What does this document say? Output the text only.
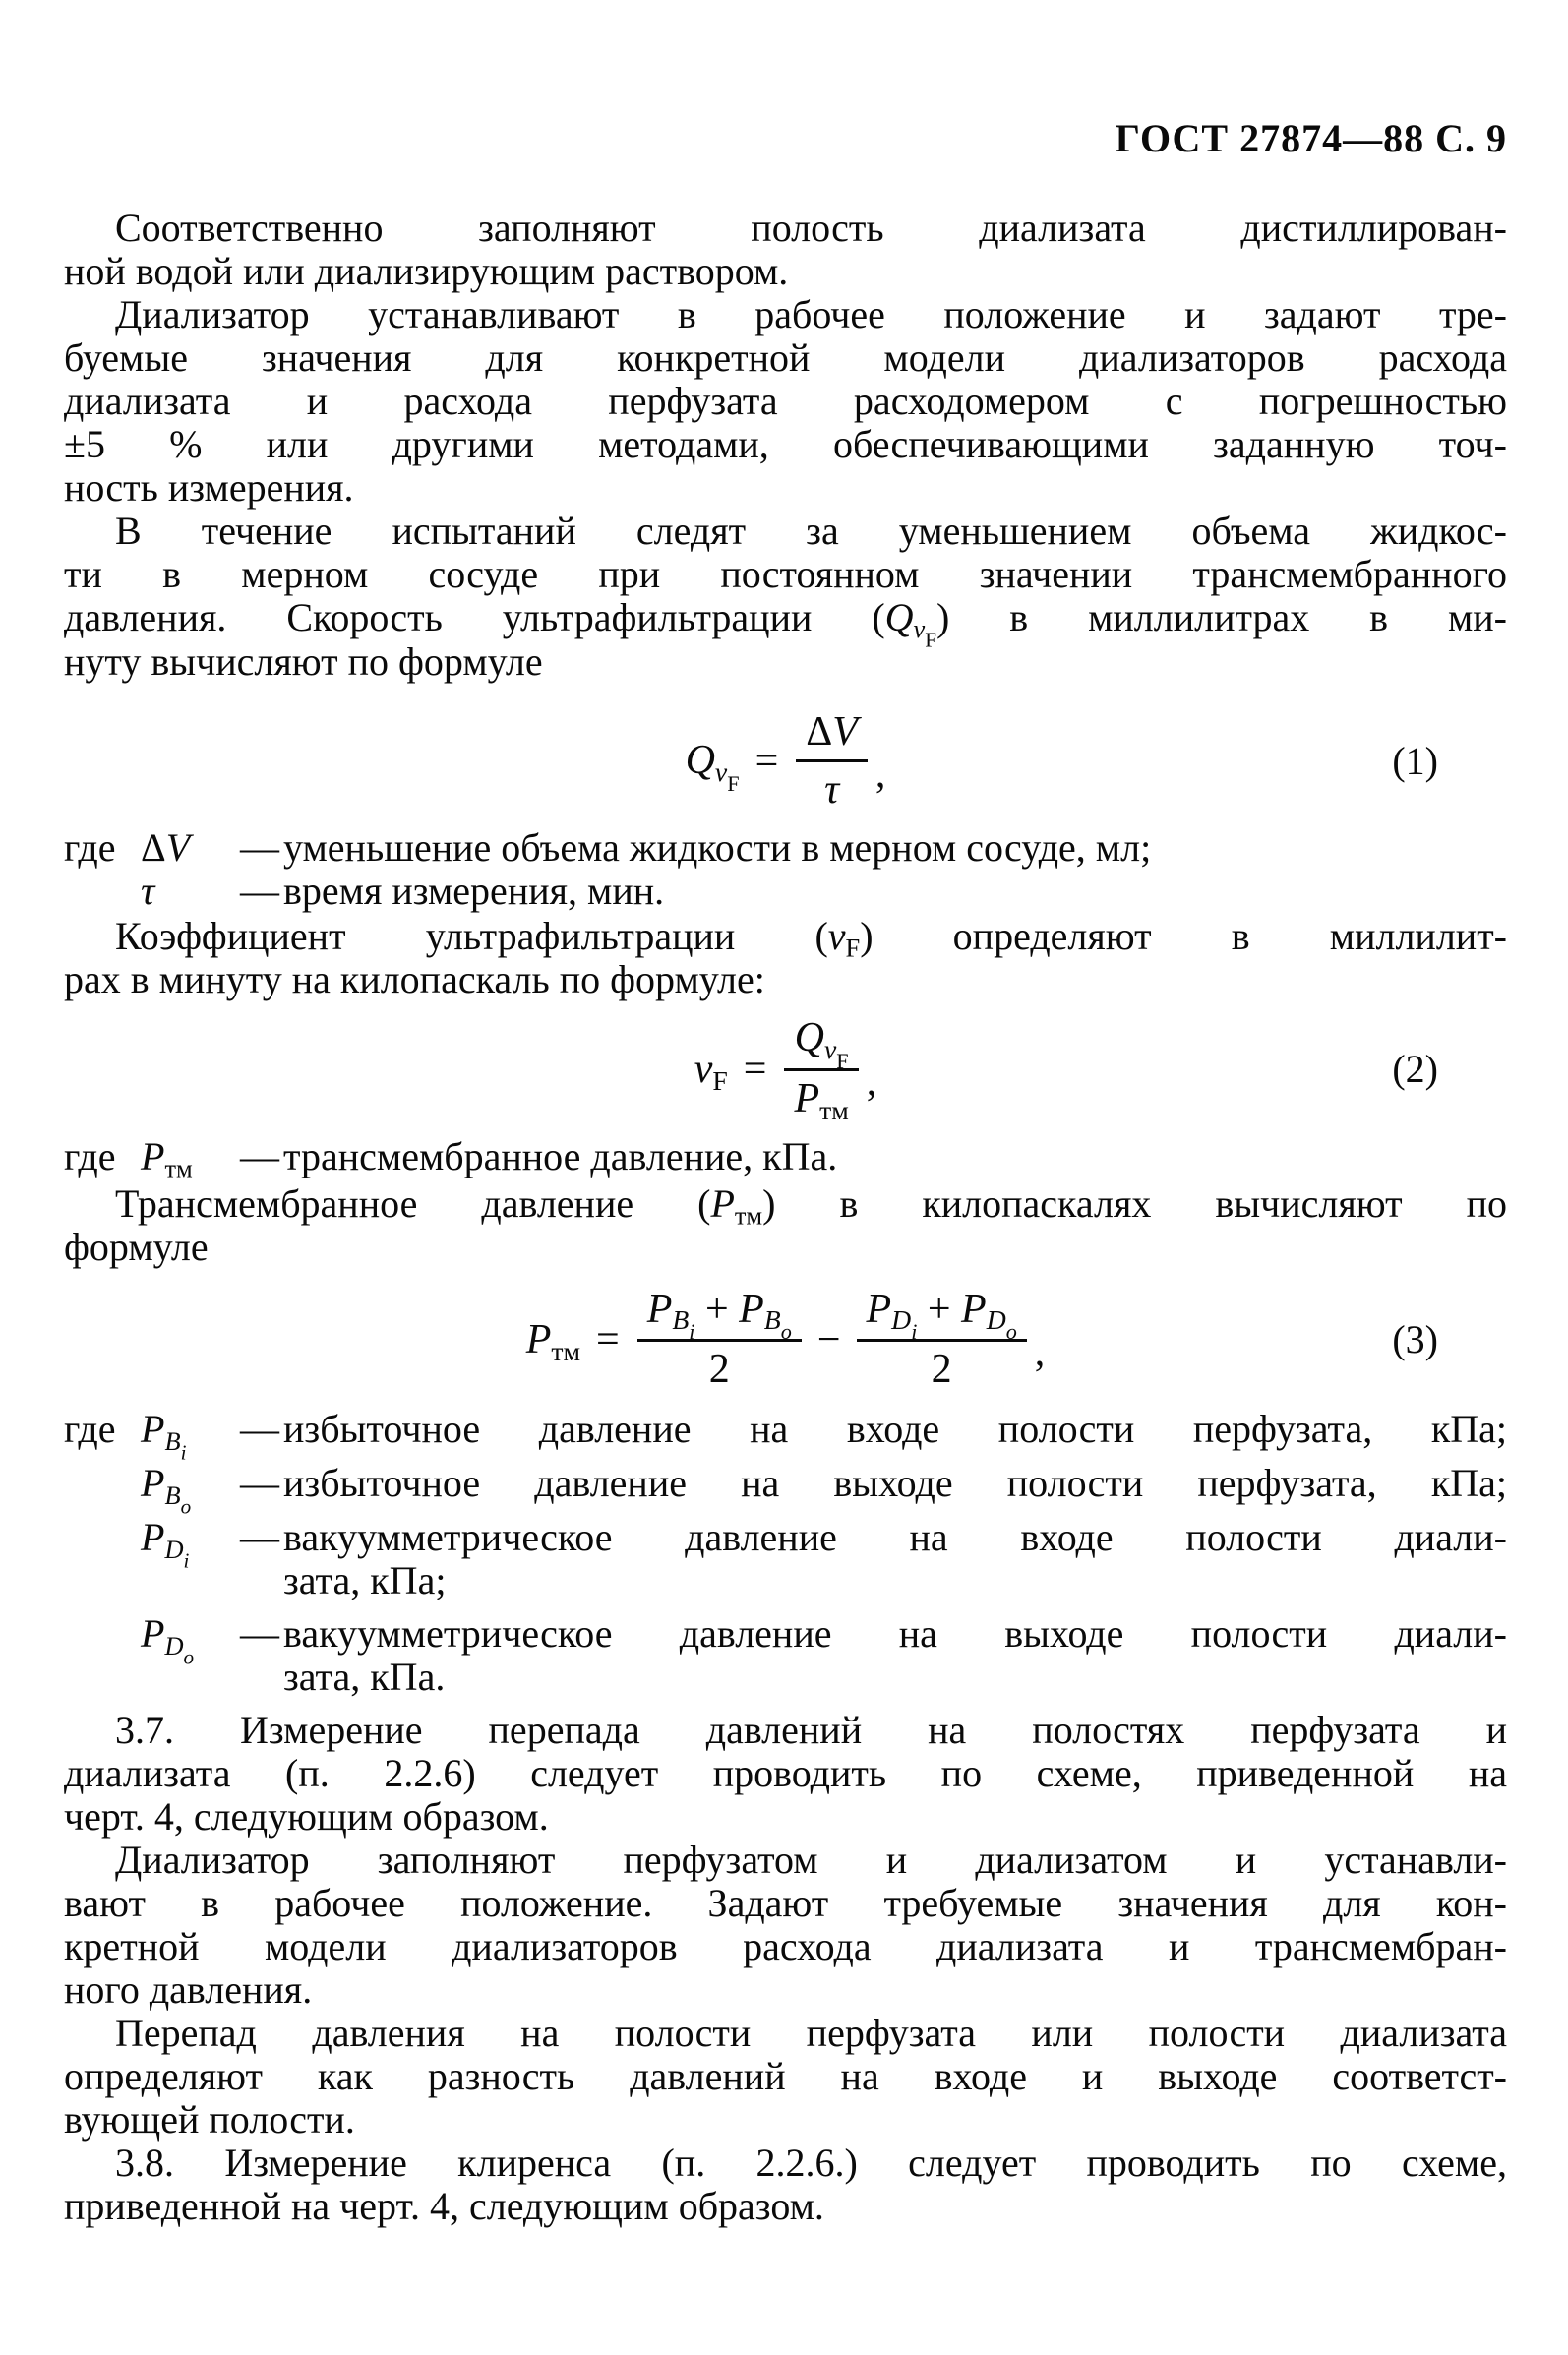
ГОСТ 27874—88 С. 9
Соответственно заполняют полость диализата дистиллирован-
ной водой или диализирующим раствором.
Диализатор устанавливают в рабочее положение и задают тре-
буемые значения для конкретной модели диализаторов расхода
диализата и расхода перфузата расходомером с погрешностью
±5 % или другими методами, обеспечивающими заданную точ-
ность измерения.
В течение испытаний следят за уменьшением объема жидкос-
ти в мерном сосуде при постоянном значении трансмембранного
давления. Скорость ультрафильтрации $(Q_{v_F})$ в миллилитрах в ми-
нуту вычисляют по формуле
$Q_{v_F} = \frac{\Delta V}{\tau}$ ,	(1)
где ΔV	— уменьшение объема жидкости в мерном сосуде, мл;
τ	— время измерения, мин.
Коэффициент ультрафильтрации $(v_F)$ определяют в миллилит-
рах в минуту на килопаскаль по формуле:
$v_F = \frac{Q_{v_F}}{P_{тм}}$ ,	(2)
где $P_{тм}$	— трансмембранное давление, кПа.
Трансмембранное давление $(P_{тм})$ в килопаскалях вычисляют по
формуле
$P_{тм} = \frac{P_{B_i} + P_{B_o}}{2} - \frac{P_{D_i} + P_{D_o}}{2}$ ,	(3)
где $P_{B_i}$
— избыточное давление на входе полости перфузата, кПа;
$P_{B_o}$
— избыточное давление на выходе полости перфузата, кПа;
$P_{D_i}$
— вакуумметрическое давление на входе полости диали-
зата, кПа;
$P_{D_o}$
— вакуумметрическое давление на выходе полости диали-
зата, кПа.
3.7. Измерение перепада давлений на полостях перфузата и
диализата (п. 2.2.6) следует проводить по схеме, приведенной на
черт. 4, следующим образом.
Диализатор заполняют перфузатом и диализатом и устанавли-
вают в рабочее положение. Задают требуемые значения для кон-
кретной модели диализаторов расхода диализата и трансмембран-
ного давления.
Перепад давления на полости перфузата или полости диализата
определяют как разность давлений на входе и выходе соответст-
вующей полости.
3.8. Измерение клиренса (п. 2.2.6.) следует проводить по схеме,
приведенной на черт. 4, следующим образом.
